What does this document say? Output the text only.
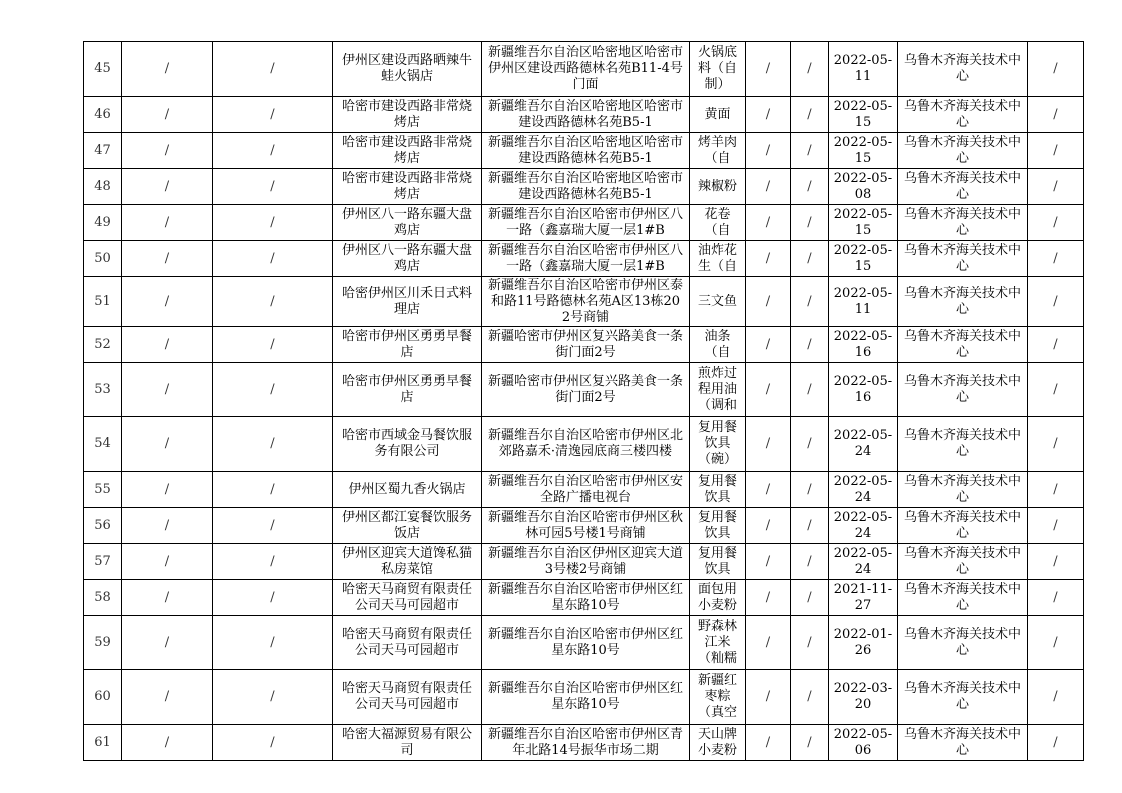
45	/	/	伊州区建设西路晒辣牛蛙火锅店	新疆维吾尔自治区哈密地区哈密市伊州区建设西路德林名苑B11-4号门面	火锅底料（自制）	/	/	2022-05-11	乌鲁木齐海关技术中心	/

46	/	/	哈密市建设西路非常烧烤店	新疆维吾尔自治区哈密地区哈密市建设西路德林名苑B5-1	黄面	/	/	2022-05-15	乌鲁木齐海关技术中心	/

47	/	/	哈密市建设西路非常烧烤店	新疆维吾尔自治区哈密地区哈密市建设西路德林名苑B5-1	烤羊肉（自	/	/	2022-05-15	乌鲁木齐海关技术中心	/

48	/	/	哈密市建设西路非常烧烤店	新疆维吾尔自治区哈密地区哈密市建设西路德林名苑B5-1	辣椒粉	/	/	2022-05-08	乌鲁木齐海关技术中心	/

49	/	/	伊州区八一路东疆大盘鸡店	新疆维吾尔自治区哈密市伊州区八一路（鑫嘉瑞大厦一层1#B	花卷（自	/	/	2022-05-15	乌鲁木齐海关技术中心	/

50	/	/	伊州区八一路东疆大盘鸡店	新疆维吾尔自治区哈密市伊州区八一路（鑫嘉瑞大厦一层1#B	油炸花生（自	/	/	2022-05-15	乌鲁木齐海关技术中心	/

51	/	/	哈密伊州区川禾日式料理店	新疆维吾尔自治区哈密市伊州区泰和路11号路德林名苑A区13栋202号商铺	三文鱼	/	/	2022-05-11	乌鲁木齐海关技术中心	/

52	/	/	哈密市伊州区勇勇早餐店	新疆哈密市伊州区复兴路美食一条街门面2号	油条（自	/	/	2022-05-16	乌鲁木齐海关技术中心	/

53	/	/	哈密市伊州区勇勇早餐店	新疆哈密市伊州区复兴路美食一条街门面2号	煎炸过程用油（调和	/	/	2022-05-16	乌鲁木齐海关技术中心	/

54	/	/	哈密市西域金马餐饮服务有限公司	新疆维吾尔自治区哈密市伊州区北郊路嘉禾·清逸园底商三楼四楼	复用餐饮具（碗）	/	/	2022-05-24	乌鲁木齐海关技术中心	/

55	/	/	伊州区蜀九香火锅店	新疆维吾尔自治区哈密市伊州区安全路广播电视台	复用餐饮具	/	/	2022-05-24	乌鲁木齐海关技术中心	/

56	/	/	伊州区都江宴餐饮服务饭店	新疆维吾尔自治区哈密市伊州区秋林可园5号楼1号商铺	复用餐饮具	/	/	2022-05-24	乌鲁木齐海关技术中心	/

57	/	/	伊州区迎宾大道馋私猫私房菜馆	新疆维吾尔自治区伊州区迎宾大道3号楼2号商铺	复用餐饮具	/	/	2022-05-24	乌鲁木齐海关技术中心	/

58	/	/	哈密天马商贸有限责任公司天马可园超市	新疆维吾尔自治区哈密市伊州区红星东路10号	面包用小麦粉	/	/	2021-11-27	乌鲁木齐海关技术中心	/

59	/	/	哈密天马商贸有限责任公司天马可园超市	新疆维吾尔自治区哈密市伊州区红星东路10号	野森林江米（籼糯	/	/	2022-01-26	乌鲁木齐海关技术中心	/

60	/	/	哈密天马商贸有限责任公司天马可园超市	新疆维吾尔自治区哈密市伊州区红星东路10号	新疆红枣粽（真空	/	/	2022-03-20	乌鲁木齐海关技术中心	/

61	/	/	哈密大福源贸易有限公司	新疆维吾尔自治区哈密市伊州区青年北路14号振华市场二期	天山牌小麦粉	/	/	2022-05-06	乌鲁木齐海关技术中心	/
